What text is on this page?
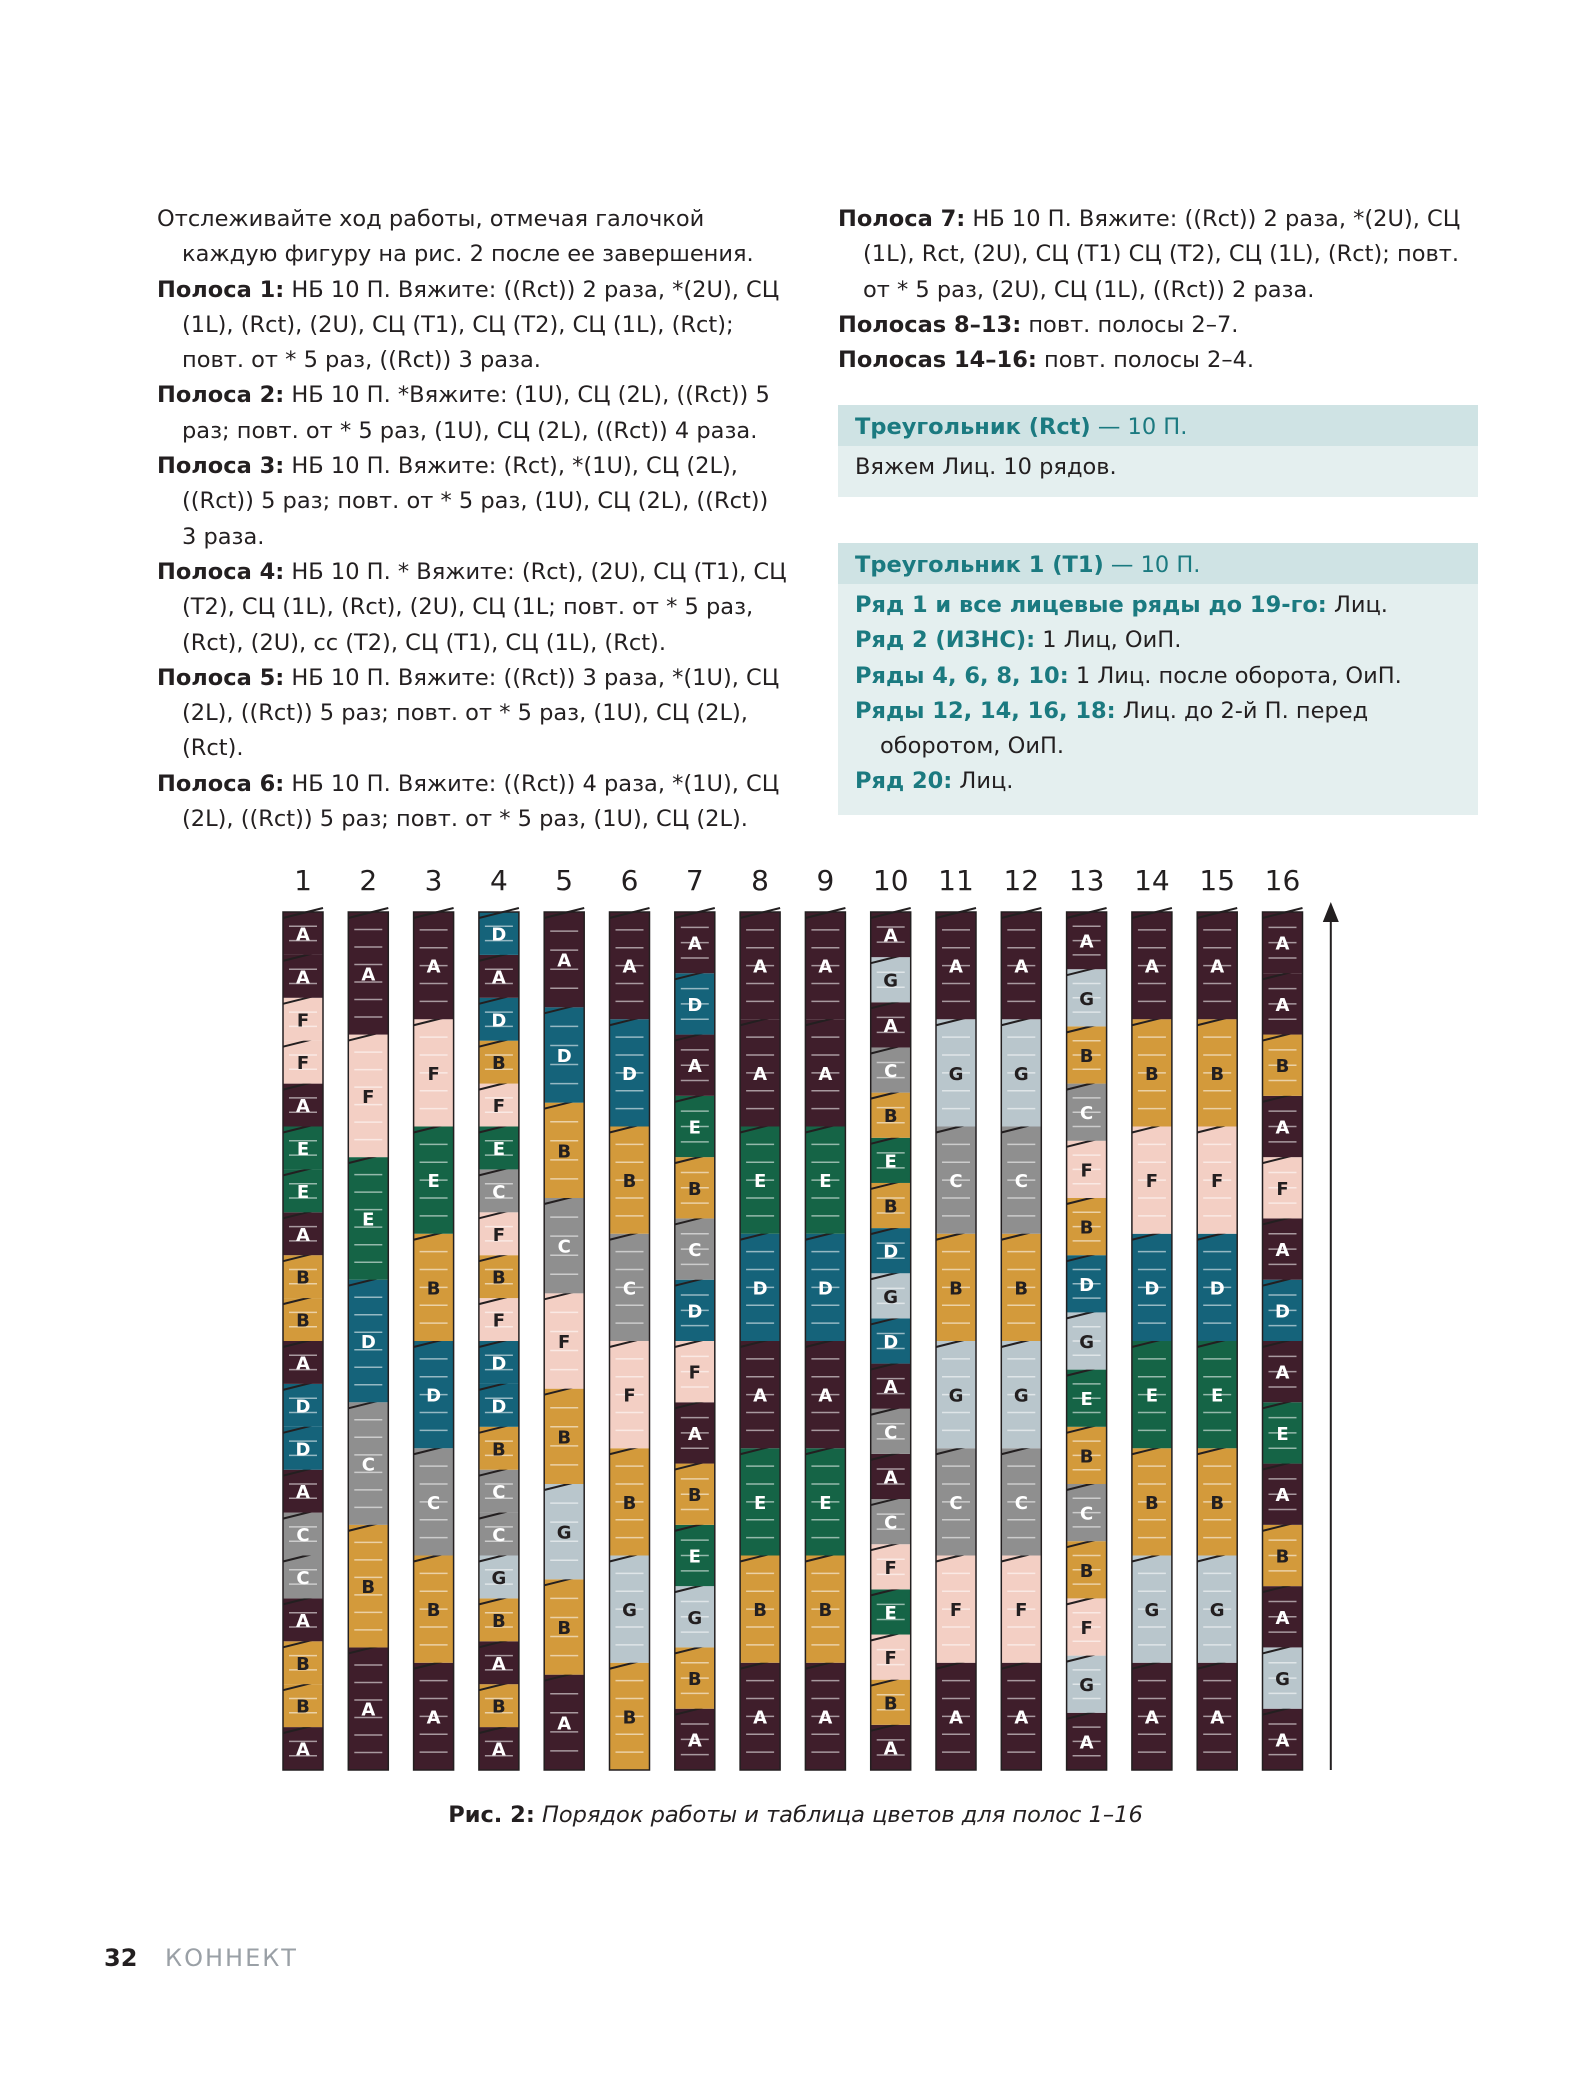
Отслеживайте ход работы, отмечая галочкой каждую фигуру на рис. 2 после ее завершения.

Полоса 1: НБ 10 П. Вяжите: ((Rct)) 2 раза, *(2U), СЦ (1L), (Rct), (2U), СЦ (T1), СЦ (T2), СЦ (1L), (Rct); повт. от * 5 раз, ((Rct)) 3 раза.

Полоса 2: НБ 10 П. *Вяжите: (1U), СЦ (2L), ((Rct)) 5 раз; повт. от * 5 раз, (1U), СЦ (2L), ((Rct)) 4 раза.

Полоса 3: НБ 10 П. Вяжите: (Rct), *(1U), СЦ (2L), ((Rct)) 5 раз; повт. от * 5 раз, (1U), СЦ (2L), ((Rct)) 3 раза.

Полоса 4: НБ 10 П. * Вяжите: (Rct), (2U), СЦ (T1), СЦ (T2), СЦ (1L), (Rct), (2U), СЦ (1L; повт. от * 5 раз, (Rct), (2U), сс (T2), СЦ (T1), СЦ (1L), (Rct).

Полоса 5: НБ 10 П. Вяжите: ((Rct)) 3 раза, *(1U), СЦ (2L), ((Rct)) 5 раз; повт. от * 5 раз, (1U), СЦ (2L), (Rct).

Полоса 6: НБ 10 П. Вяжите: ((Rct)) 4 раза, *(1U), СЦ (2L), ((Rct)) 5 раз; повт. от * 5 раз, (1U), СЦ (2L).

Полоса 7: НБ 10 П. Вяжите: ((Rct)) 2 раза, *(2U), СЦ (1L), Rct, (2U), СЦ (T1) СЦ (T2), СЦ (1L), (Rct); повт. от * 5 раз, (2U), СЦ (1L), ((Rct)) 2 раза.

Полосas 8–13: повт. полосы 2–7.

Полосas 14–16: повт. полосы 2–4.

Треугольник (Rct) — 10 П.
Вяжем Лиц. 10 рядов.
Треугольник 1 (T1) — 10 П.

Ряд 1 и все лицевые ряды до 19-го: Лиц.

Ряд 2 (ИЗНС): 1 Лиц, ОиП.

Ряды 4, 6, 8, 10: 1 Лиц. после оборота, ОиП.

Ряды 12, 14, 16, 18: Лиц. до 2-й П. перед оборотом, ОиП.

Ряд 20: Лиц.

1
A
B
B
A
C
C
A
D
D
A
B
B
A
E
E
A
F
F
A
A
2
A
B
C
D
E
F
A
3
A
B
C
D
B
E
F
A
4
A
B
A
B
G
C
C
B
D
D
F
B
F
C
E
F
B
D
A
D
5
A
B
G
B
F
C
B
D
A
6
B
G
B
F
C
B
D
A
7
A
B
G
E
B
A
F
D
C
B
E
A
D
A
8
A
B
E
A
D
E
A
A
9
A
B
E
A
D
E
A
A
10
A
B
F
E
F
C
A
C
A
D
G
D
B
E
B
C
A
G
A
11
A
F
C
G
B
C
G
A
12
A
F
C
G
B
C
G
A
13
A
G
F
B
C
B
E
G
D
B
F
C
B
G
A
14
A
G
B
E
D
F
B
A
15
A
G
B
E
D
F
B
A
16
A
G
A
B
A
E
A
D
A
F
A
B
A
A
Рис. 2: Порядок работы и таблица цветов для полос 1–16
32 КОННЕКТ
